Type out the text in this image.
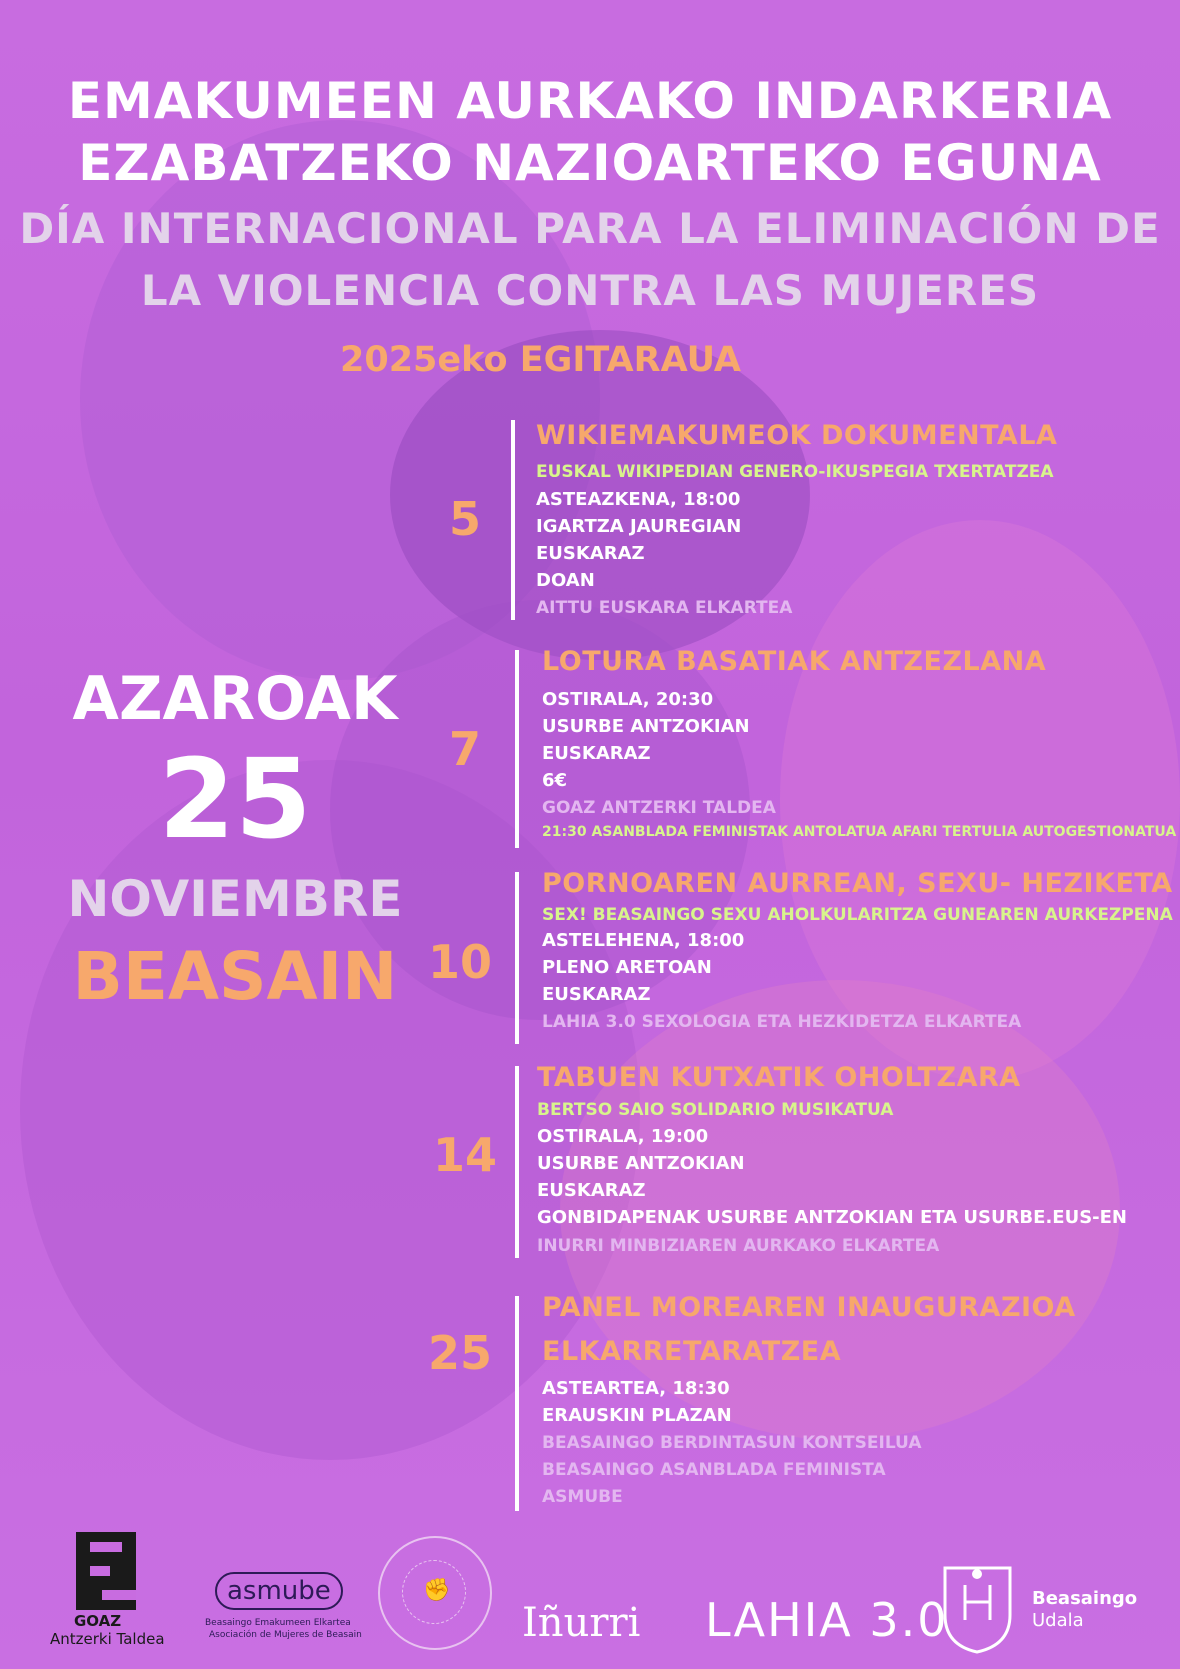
EMAKUMEEN AURKAKO INDARKERIA
EZABATZEKO NAZIOARTEKO EGUNA
DÍA INTERNACIONAL PARA LA ELIMINACIÓN DE
LA VIOLENCIA CONTRA LAS MUJERES
2025eko EGITARAUA
AZAROAK
25
NOVIEMBRE
BEASAIN
5
WIKIEMAKUMEOK DOKUMENTALA
EUSKAL WIKIPEDIAN GENERO-IKUSPEGIA TXERTATZEA
ASTEAZKENA, 18:00
IGARTZA JAUREGIAN
EUSKARAZ
DOAN
AITTU EUSKARA ELKARTEA
7
LOTURA BASATIAK ANTZEZLANA
OSTIRALA, 20:30
USURBE ANTZOKIAN
EUSKARAZ
6€
GOAZ ANTZERKI TALDEA
21:30 ASANBLADA FEMINISTAK ANTOLATUA AFARI TERTULIA AUTOGESTIONATUA
10
PORNOAREN AURREAN, SEXU- HEZIKETA
SEX! BEASAINGO SEXU AHOLKULARITZA GUNEAREN AURKEZPENA
ASTELEHENA, 18:00
PLENO ARETOAN
EUSKARAZ
LAHIA 3.0 SEXOLOGIA ETA HEZKIDETZA ELKARTEA
14
TABUEN KUTXATIK OHOLTZARA
BERTSO SAIO SOLIDARIO MUSIKATUA
OSTIRALA, 19:00
USURBE ANTZOKIAN
EUSKARAZ
GONBIDAPENAK USURBE ANTZOKIAN ETA USURBE.EUS-EN
INURRI MINBIZIAREN AURKAKO ELKARTEA
25
PANEL MOREAREN INAUGURAZIOA
ELKARRETARATZEA
ASTEARTEA, 18:30
ERAUSKIN PLAZAN
BEASAINGO BERDINTASUN KONTSEILUA
BEASAINGO ASANBLADA FEMINISTA
ASMUBE
GOAZ
Antzerki Taldea
asmube
Beasaingo Emakumeen Elkartea
Asociación de Mujeres de Beasain
✊
Iñurri LAHIA 3.0	Beasaingo
Udala
